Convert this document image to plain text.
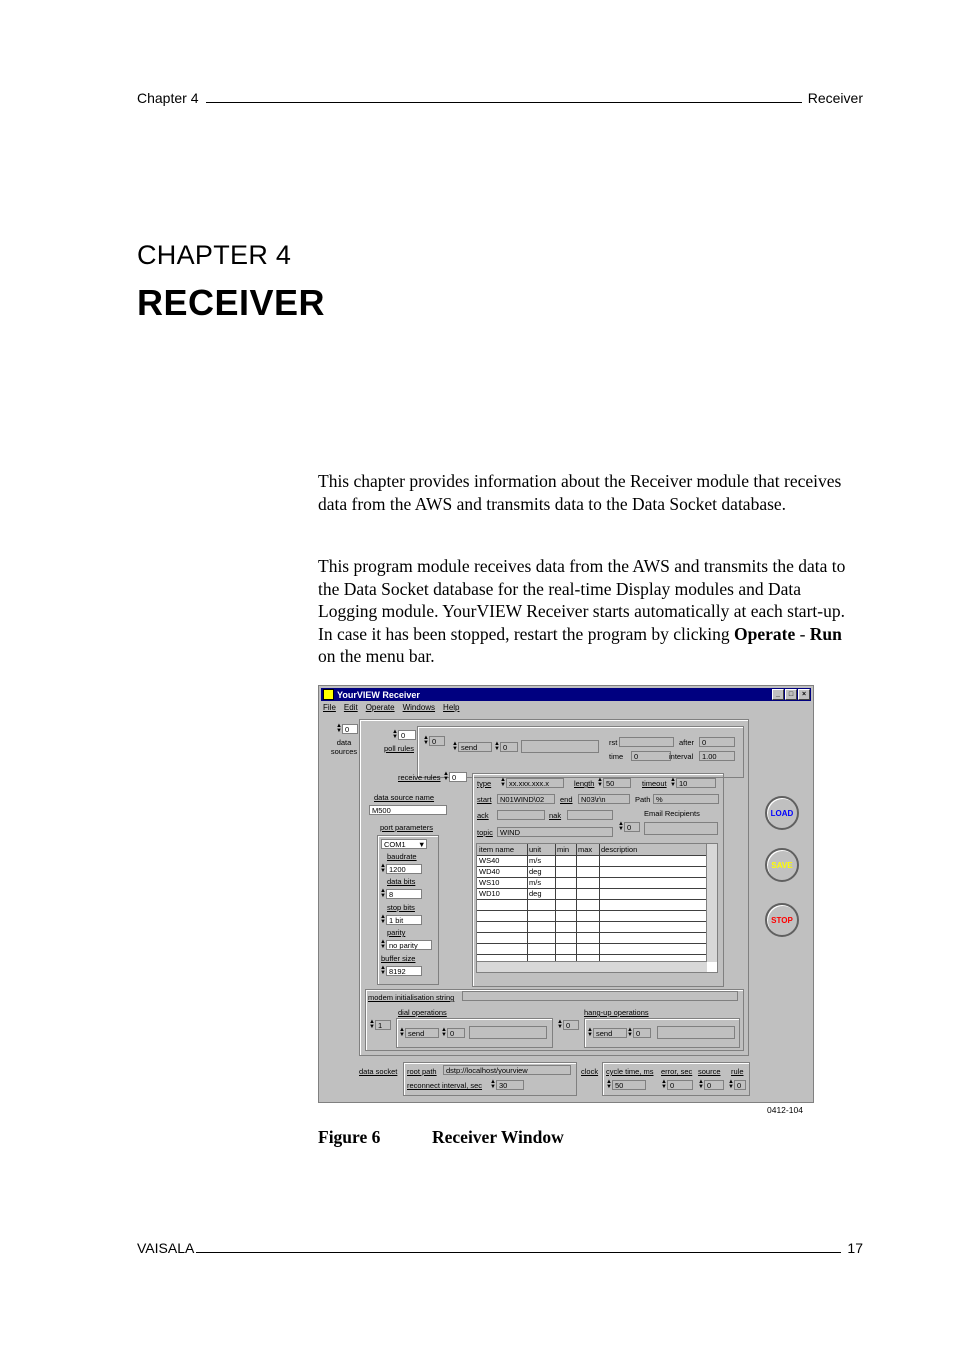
Chapter 4	Receiver
CHAPTER 4
RECEIVER

This chapter provides information about the Receiver module that receives data from the AWS and transmits data to the Data Socket database.

This program module receives data from the AWS and transmits the data to the Data Socket database for the real-time Display modules and Data Logging module. YourVIEW Receiver starts automatically at each start-up. In case it has been stopped, restart the program by clicking Operate - Run on the menu bar.

YourVIEW Receiver	_	□	×
File Edit Operate Windows Help
▲
▼ 0
data sources
▲
▼ 0
poll rules
▲
▼ 0	▲
▼ send	▲
▼ 0
rst	after	0
time	0	interval	1.00
receive rules ▲
▼ 0
data source name
M500
port parameters
COM1	▼
baudrate
▲
▼ 1200
data bits
▲
▼ 8
stop bits
▲
▼ 1 bit
parity
▲
▼ no parity
buffer size
▲
▼ 8192
type ▲
▼ xx.xxx.xxx.x	length ▲
▼ 50	timeout ▲
▼ 10
start	N01WIND\02	end	N03\r\n	Path %
ack	nak	Email Recipients
▲
▼ 0
topic WIND
item name unit min max description
WS40	m/s
WD40	deg
WS10	m/s
WD10	deg
modem initialisation string
dial operations
▲
▼ 1	▲
▼ send	▲
▼ 0
hang-up operations
▲
▼ 0	▲
▼ send	▲
▼ 0
LOAD
SAVE
STOP
data socket root path	dstp://localhost/yourview
reconnect interval, sec ▲
▼ 30
clock cycle time, ms
▲
▼ 50
error, sec
▲
▼ 0
source
▲
▼ 0
rule
▲
▼ 0
0412-104
Figure 6	Receiver Window
VAISALA	17
